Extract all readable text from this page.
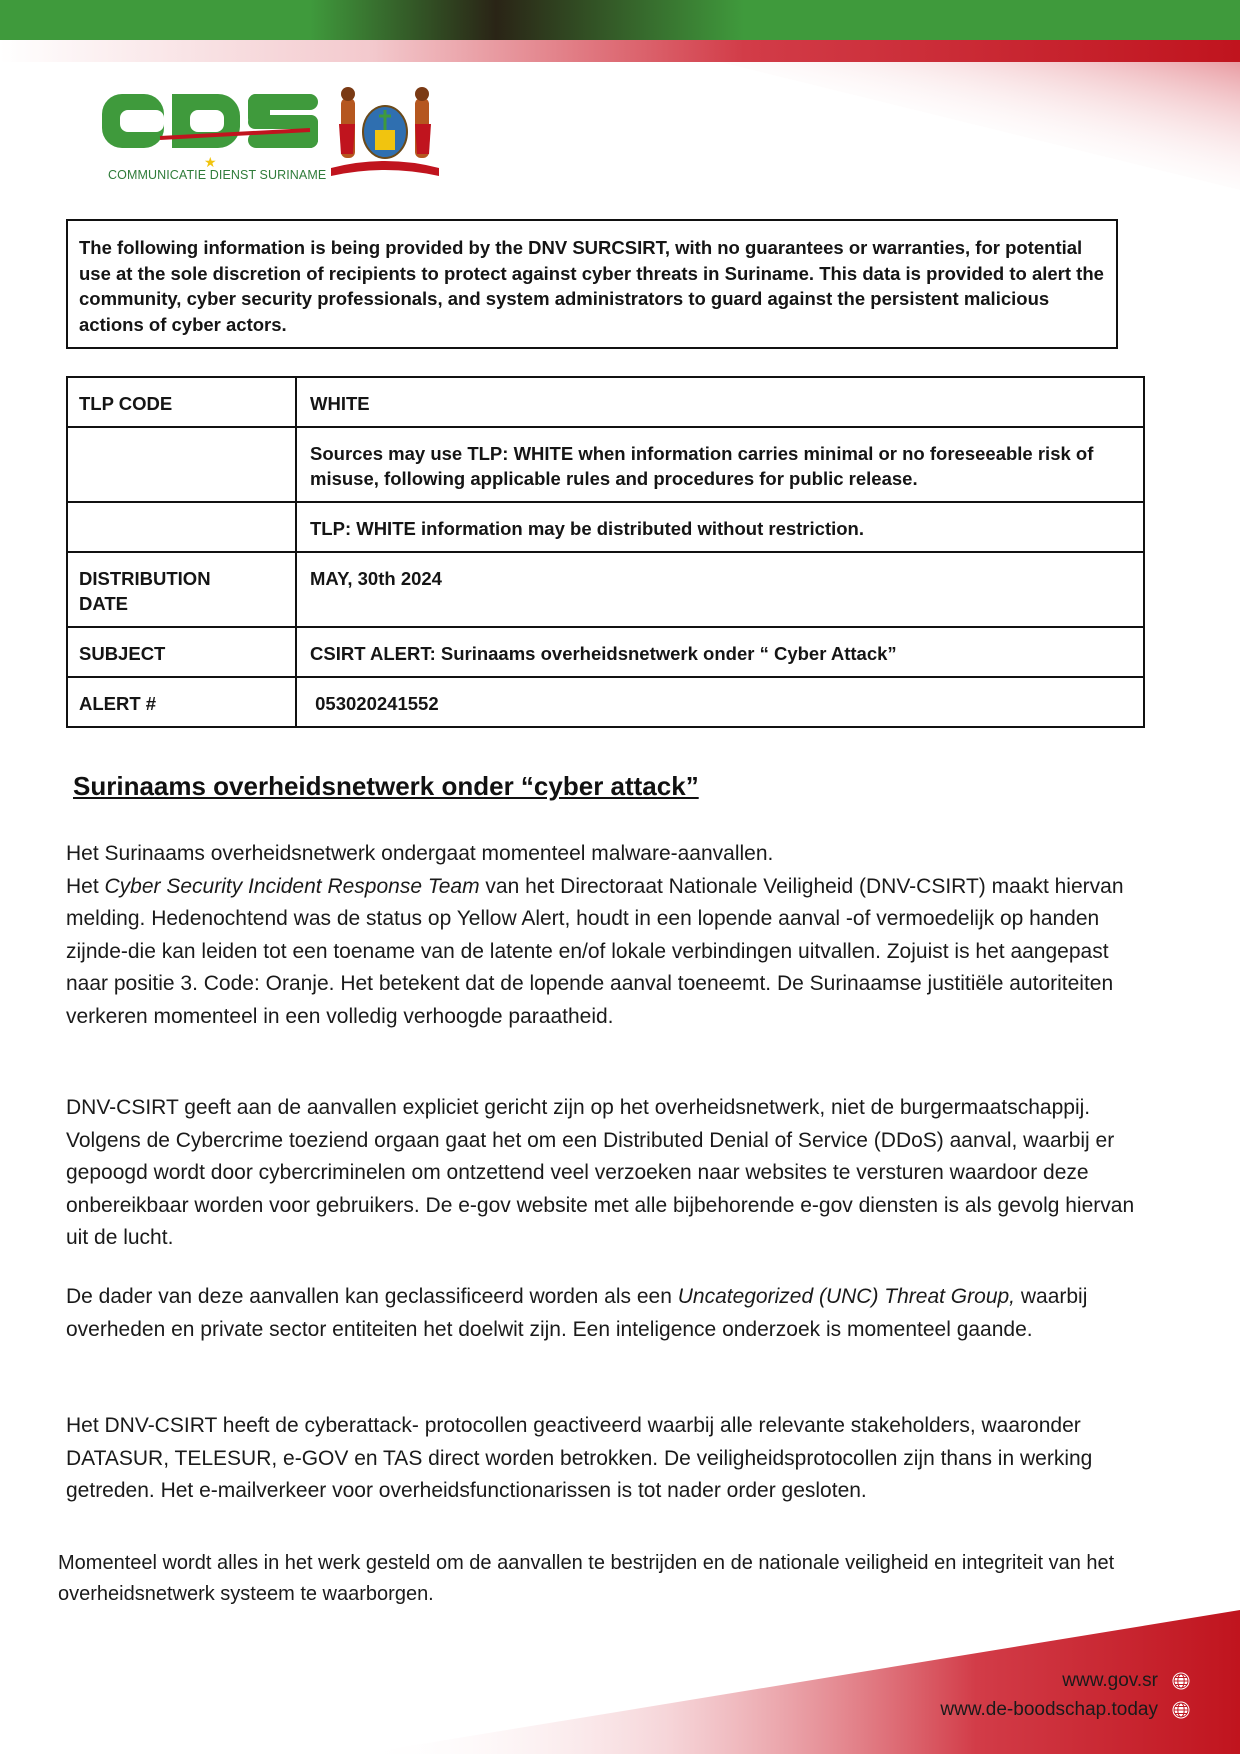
★
COMMUNICATIE DIENST SURINAME
The following information is being provided by the DNV SURCSIRT, with no guarantees or warranties, for potential use at the sole discretion of recipients to protect against cyber threats in Suriname. This data is provided to alert the community, cyber security professionals, and system administrators to guard against the persistent malicious actions of cyber actors.
TLP CODE	WHITE
	Sources may use TLP: WHITE when information carries minimal or no foreseeable risk of misuse, following applicable rules and procedures for public release.
	TLP: WHITE information may be distributed without restriction.
DISTRIBUTION DATE	MAY, 30th 2024
SUBJECT	CSIRT ALERT: Surinaams overheidsnetwerk onder “ Cyber Attack”
ALERT #	053020241552
Surinaams overheidsnetwerk onder “cyber attack”

Het Surinaams overheidsnetwerk ondergaat momenteel malware-aanvallen.
Het Cyber Security Incident Response Team van het Directoraat Nationale Veiligheid (DNV-CSIRT) maakt hiervan melding. Hedenochtend was de status op Yellow Alert, houdt in een lopende aanval -of vermoedelijk op handen zijnde-die kan leiden tot een toename van de latente en/of lokale verbindingen uitvallen. Zojuist is het aangepast naar positie 3. Code: Oranje. Het betekent dat de lopende aanval toeneemt. De Surinaamse justitiële autoriteiten verkeren momenteel in een volledig verhoogde paraatheid.

DNV-CSIRT geeft aan de aanvallen expliciet gericht zijn op het overheidsnetwerk, niet de burgermaatschappij. Volgens de Cybercrime toeziend orgaan gaat het om een Distributed Denial of Service (DDoS) aanval, waarbij er gepoogd wordt door cybercriminelen om ontzettend veel verzoeken naar websites te versturen waardoor deze onbereikbaar worden voor gebruikers. De e-gov website met alle bijbehorende e-gov diensten is als gevolg hiervan uit de lucht.

De dader van deze aanvallen kan geclassificeerd worden als een Uncategorized (UNC) Threat Group, waarbij overheden en private sector entiteiten het doelwit zijn. Een inteligence onderzoek is momenteel gaande.

Het DNV-CSIRT heeft de cyberattack- protocollen geactiveerd waarbij alle relevante stakeholders, waaronder DATASUR, TELESUR, e-GOV en TAS direct worden betrokken. De veiligheidsprotocollen zijn thans in werking getreden. Het e-mailverkeer voor overheidsfunctionarissen is tot nader order gesloten.

Momenteel wordt alles in het werk gesteld om de aanvallen te bestrijden en de nationale veiligheid en integriteit van het overheidsnetwerk systeem te waarborgen.

www.gov.sr
www.de-boodschap.today
